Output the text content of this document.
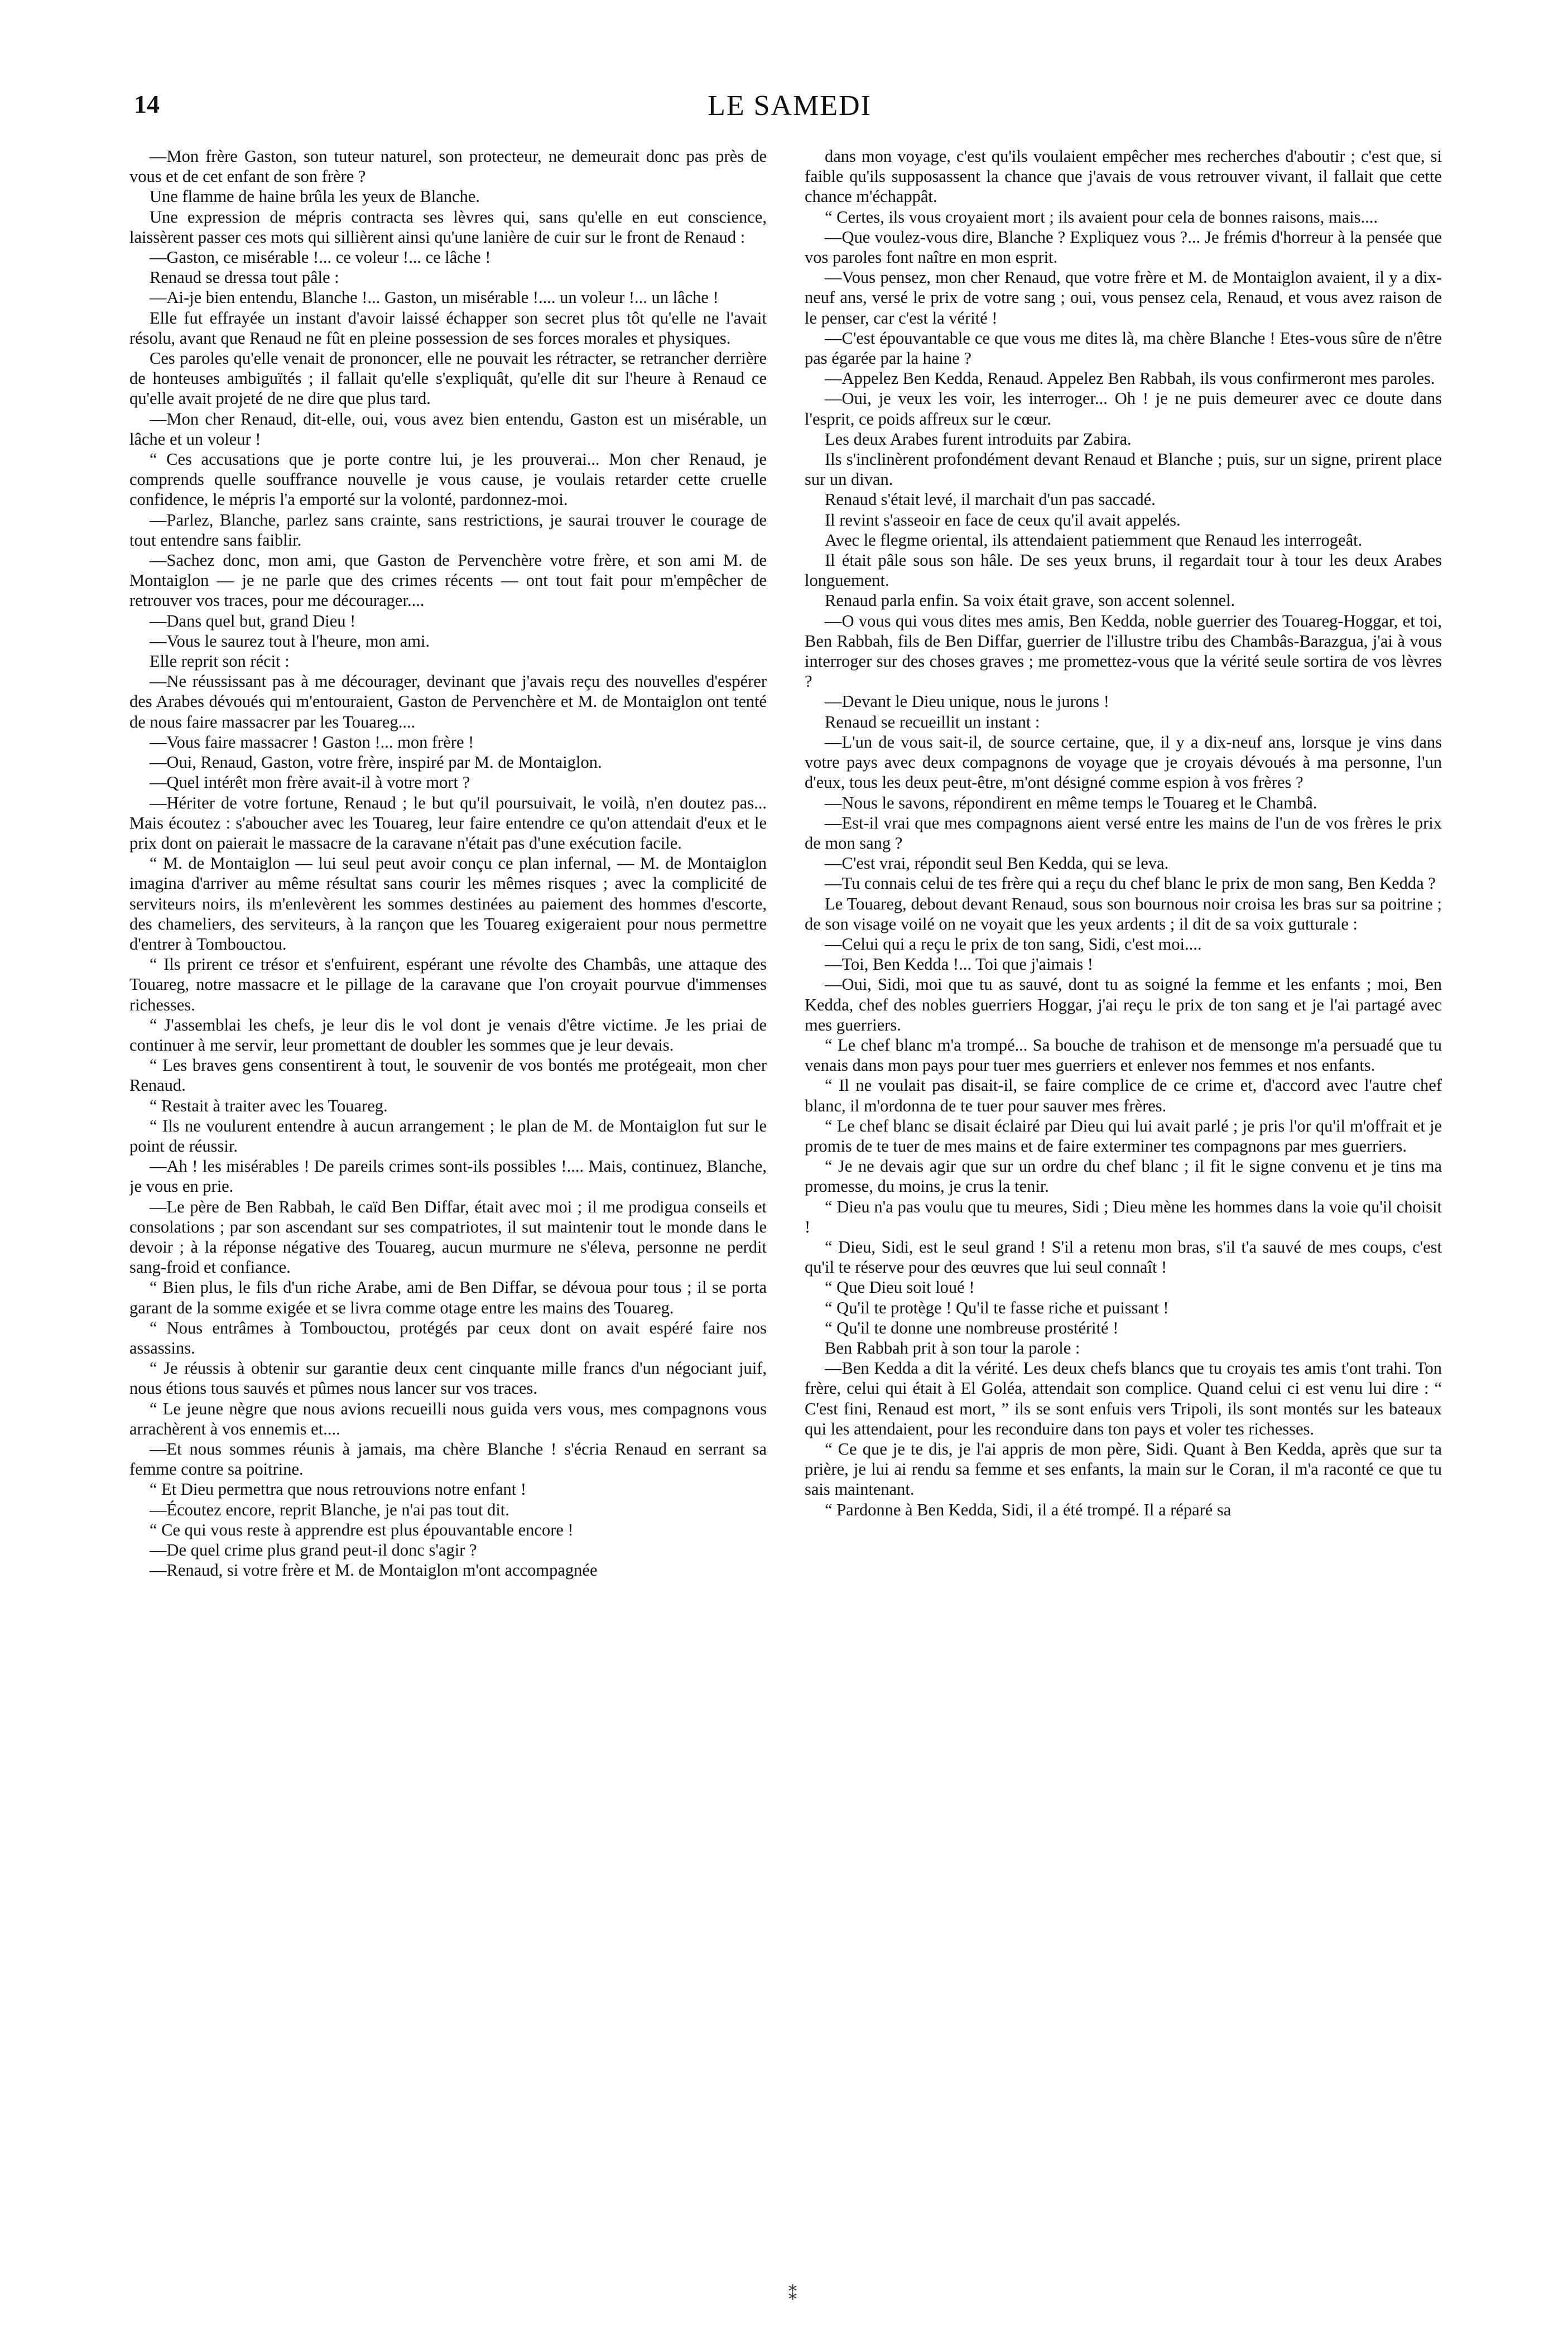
14	LE SAMEDI

—Mon frère Gaston, son tuteur naturel, son protecteur, ne demeurait donc pas près de vous et de cet enfant de son frère ?

Une flamme de haine brûla les yeux de Blanche.

Une expression de mépris contracta ses lèvres qui, sans qu'elle en eut conscience, laissèrent passer ces mots qui sillièrent ainsi qu'une lanière de cuir sur le front de Renaud :

—Gaston, ce misérable !... ce voleur !... ce lâche !

Renaud se dressa tout pâle :

—Ai-je bien entendu, Blanche !... Gaston, un misérable !.... un voleur !... un lâche !

Elle fut effrayée un instant d'avoir laissé échapper son secret plus tôt qu'elle ne l'avait résolu, avant que Renaud ne fût en pleine possession de ses forces morales et physiques.

Ces paroles qu'elle venait de prononcer, elle ne pouvait les rétracter, se retrancher derrière de honteuses ambiguïtés ; il fallait qu'elle s'expliquât, qu'elle dit sur l'heure à Renaud ce qu'elle avait projeté de ne dire que plus tard.

—Mon cher Renaud, dit-elle, oui, vous avez bien entendu, Gaston est un misérable, un lâche et un voleur !

“ Ces accusations que je porte contre lui, je les prouverai... Mon cher Renaud, je comprends quelle souffrance nouvelle je vous cause, je voulais retarder cette cruelle confidence, le mépris l'a emporté sur la volonté, pardonnez-moi.

—Parlez, Blanche, parlez sans crainte, sans restrictions, je saurai trouver le courage de tout entendre sans faiblir.

—Sachez donc, mon ami, que Gaston de Pervenchère votre frère, et son ami M. de Montaiglon — je ne parle que des crimes récents — ont tout fait pour m'empêcher de retrouver vos traces, pour me décourager....

—Dans quel but, grand Dieu !

—Vous le saurez tout à l'heure, mon ami.

Elle reprit son récit :

—Ne réussissant pas à me décourager, devinant que j'avais reçu des nouvelles d'espérer des Arabes dévoués qui m'entouraient, Gaston de Pervenchère et M. de Montaiglon ont tenté de nous faire massacrer par les Touareg....

—Vous faire massacrer ! Gaston !... mon frère !

—Oui, Renaud, Gaston, votre frère, inspiré par M. de Montaiglon.

—Quel intérêt mon frère avait-il à votre mort ?

—Hériter de votre fortune, Renaud ; le but qu'il poursuivait, le voilà, n'en doutez pas... Mais écoutez : s'aboucher avec les Touareg, leur faire entendre ce qu'on attendait d'eux et le prix dont on paierait le massacre de la caravane n'était pas d'une exécution facile.

“ M. de Montaiglon — lui seul peut avoir conçu ce plan infernal, — M. de Montaiglon imagina d'arriver au même résultat sans courir les mêmes risques ; avec la complicité de serviteurs noirs, ils m'enlevèrent les sommes destinées au paiement des hommes d'escorte, des chameliers, des serviteurs, à la rançon que les Touareg exigeraient pour nous permettre d'entrer à Tombouctou.

“ Ils prirent ce trésor et s'enfuirent, espérant une révolte des Chambâs, une attaque des Touareg, notre massacre et le pillage de la caravane que l'on croyait pourvue d'immenses richesses.

“ J'assemblai les chefs, je leur dis le vol dont je venais d'être victime. Je les priai de continuer à me servir, leur promettant de doubler les sommes que je leur devais.

“ Les braves gens consentirent à tout, le souvenir de vos bontés me protégeait, mon cher Renaud.

“ Restait à traiter avec les Touareg.

“ Ils ne voulurent entendre à aucun arrangement ; le plan de M. de Montaiglon fut sur le point de réussir.

—Ah ! les misérables ! De pareils crimes sont-ils possibles !.... Mais, continuez, Blanche, je vous en prie.

—Le père de Ben Rabbah, le caïd Ben Diffar, était avec moi ; il me prodigua conseils et consolations ; par son ascendant sur ses compatriotes, il sut maintenir tout le monde dans le devoir ; à la réponse négative des Touareg, aucun murmure ne s'éleva, personne ne perdit sang-froid et confiance.

“ Bien plus, le fils d'un riche Arabe, ami de Ben Diffar, se dévoua pour tous ; il se porta garant de la somme exigée et se livra comme otage entre les mains des Touareg.

“ Nous entrâmes à Tombouctou, protégés par ceux dont on avait espéré faire nos assassins.

“ Je réussis à obtenir sur garantie deux cent cinquante mille francs d'un négociant juif, nous étions tous sauvés et pûmes nous lancer sur vos traces.

“ Le jeune nègre que nous avions recueilli nous guida vers vous, mes compagnons vous arrachèrent à vos ennemis et....

—Et nous sommes réunis à jamais, ma chère Blanche ! s'écria Renaud en serrant sa femme contre sa poitrine.

“ Et Dieu permettra que nous retrouvions notre enfant !

—Écoutez encore, reprit Blanche, je n'ai pas tout dit.

“ Ce qui vous reste à apprendre est plus épouvantable encore !

—De quel crime plus grand peut-il donc s'agir ?

—Renaud, si votre frère et M. de Montaiglon m'ont accompagnée

dans mon voyage, c'est qu'ils voulaient empêcher mes recherches d'aboutir ; c'est que, si faible qu'ils supposassent la chance que j'avais de vous retrouver vivant, il fallait que cette chance m'échappât.

“ Certes, ils vous croyaient mort ; ils avaient pour cela de bonnes raisons, mais....

—Que voulez-vous dire, Blanche ? Expliquez vous ?... Je frémis d'horreur à la pensée que vos paroles font naître en mon esprit.

—Vous pensez, mon cher Renaud, que votre frère et M. de Montaiglon avaient, il y a dix-neuf ans, versé le prix de votre sang ; oui, vous pensez cela, Renaud, et vous avez raison de le penser, car c'est la vérité !

—C'est épouvantable ce que vous me dites là, ma chère Blanche ! Etes-vous sûre de n'être pas égarée par la haine ?

—Appelez Ben Kedda, Renaud. Appelez Ben Rabbah, ils vous confirmeront mes paroles.

—Oui, je veux les voir, les interroger... Oh ! je ne puis demeurer avec ce doute dans l'esprit, ce poids affreux sur le cœur.

Les deux Arabes furent introduits par Zabira.

Ils s'inclinèrent profondément devant Renaud et Blanche ; puis, sur un signe, prirent place sur un divan.

Renaud s'était levé, il marchait d'un pas saccadé.

Il revint s'asseoir en face de ceux qu'il avait appelés.

Avec le flegme oriental, ils attendaient patiemment que Renaud les interrogeât.

Il était pâle sous son hâle. De ses yeux bruns, il regardait tour à tour les deux Arabes longuement.

Renaud parla enfin. Sa voix était grave, son accent solennel.

—O vous qui vous dites mes amis, Ben Kedda, noble guerrier des Touareg-Hoggar, et toi, Ben Rabbah, fils de Ben Diffar, guerrier de l'illustre tribu des Chambâs-Barazgua, j'ai à vous interroger sur des choses graves ; me promettez-vous que la vérité seule sortira de vos lèvres ?

—Devant le Dieu unique, nous le jurons !

Renaud se recueillit un instant :

—L'un de vous sait-il, de source certaine, que, il y a dix-neuf ans, lorsque je vins dans votre pays avec deux compagnons de voyage que je croyais dévoués à ma personne, l'un d'eux, tous les deux peut-être, m'ont désigné comme espion à vos frères ?

—Nous le savons, répondirent en même temps le Touareg et le Chambâ.

—Est-il vrai que mes compagnons aient versé entre les mains de l'un de vos frères le prix de mon sang ?

—C'est vrai, répondit seul Ben Kedda, qui se leva.

—Tu connais celui de tes frère qui a reçu du chef blanc le prix de mon sang, Ben Kedda ?

Le Touareg, debout devant Renaud, sous son bournous noir croisa les bras sur sa poitrine ; de son visage voilé on ne voyait que les yeux ardents ; il dit de sa voix gutturale :

—Celui qui a reçu le prix de ton sang, Sidi, c'est moi....

—Toi, Ben Kedda !... Toi que j'aimais !

—Oui, Sidi, moi que tu as sauvé, dont tu as soigné la femme et les enfants ; moi, Ben Kedda, chef des nobles guerriers Hoggar, j'ai reçu le prix de ton sang et je l'ai partagé avec mes guerriers.

“ Le chef blanc m'a trompé... Sa bouche de trahison et de mensonge m'a persuadé que tu venais dans mon pays pour tuer mes guerriers et enlever nos femmes et nos enfants.

“ Il ne voulait pas disait-il, se faire complice de ce crime et, d'accord avec l'autre chef blanc, il m'ordonna de te tuer pour sauver mes frères.

“ Le chef blanc se disait éclairé par Dieu qui lui avait parlé ; je pris l'or qu'il m'offrait et je promis de te tuer de mes mains et de faire exterminer tes compagnons par mes guerriers.

“ Je ne devais agir que sur un ordre du chef blanc ; il fit le signe convenu et je tins ma promesse, du moins, je crus la tenir.

“ Dieu n'a pas voulu que tu meures, Sidi ; Dieu mène les hommes dans la voie qu'il choisit !

“ Dieu, Sidi, est le seul grand ! S'il a retenu mon bras, s'il t'a sauvé de mes coups, c'est qu'il te réserve pour des œuvres que lui seul connaît !

“ Que Dieu soit loué !

“ Qu'il te protège ! Qu'il te fasse riche et puissant !

“ Qu'il te donne une nombreuse prostérité !

Ben Rabbah prit à son tour la parole :

—Ben Kedda a dit la vérité. Les deux chefs blancs que tu croyais tes amis t'ont trahi. Ton frère, celui qui était à El Goléa, attendait son complice. Quand celui ci est venu lui dire : “ C'est fini, Renaud est mort, ” ils se sont enfuis vers Tripoli, ils sont montés sur les bateaux qui les attendaient, pour les reconduire dans ton pays et voler tes richesses.

“ Ce que je te dis, je l'ai appris de mon père, Sidi. Quant à Ben Kedda, après que sur ta prière, je lui ai rendu sa femme et ses enfants, la main sur le Coran, il m'a raconté ce que tu sais maintenant.

“ Pardonne à Ben Kedda, Sidi, il a été trompé. Il a réparé sa

⁑
